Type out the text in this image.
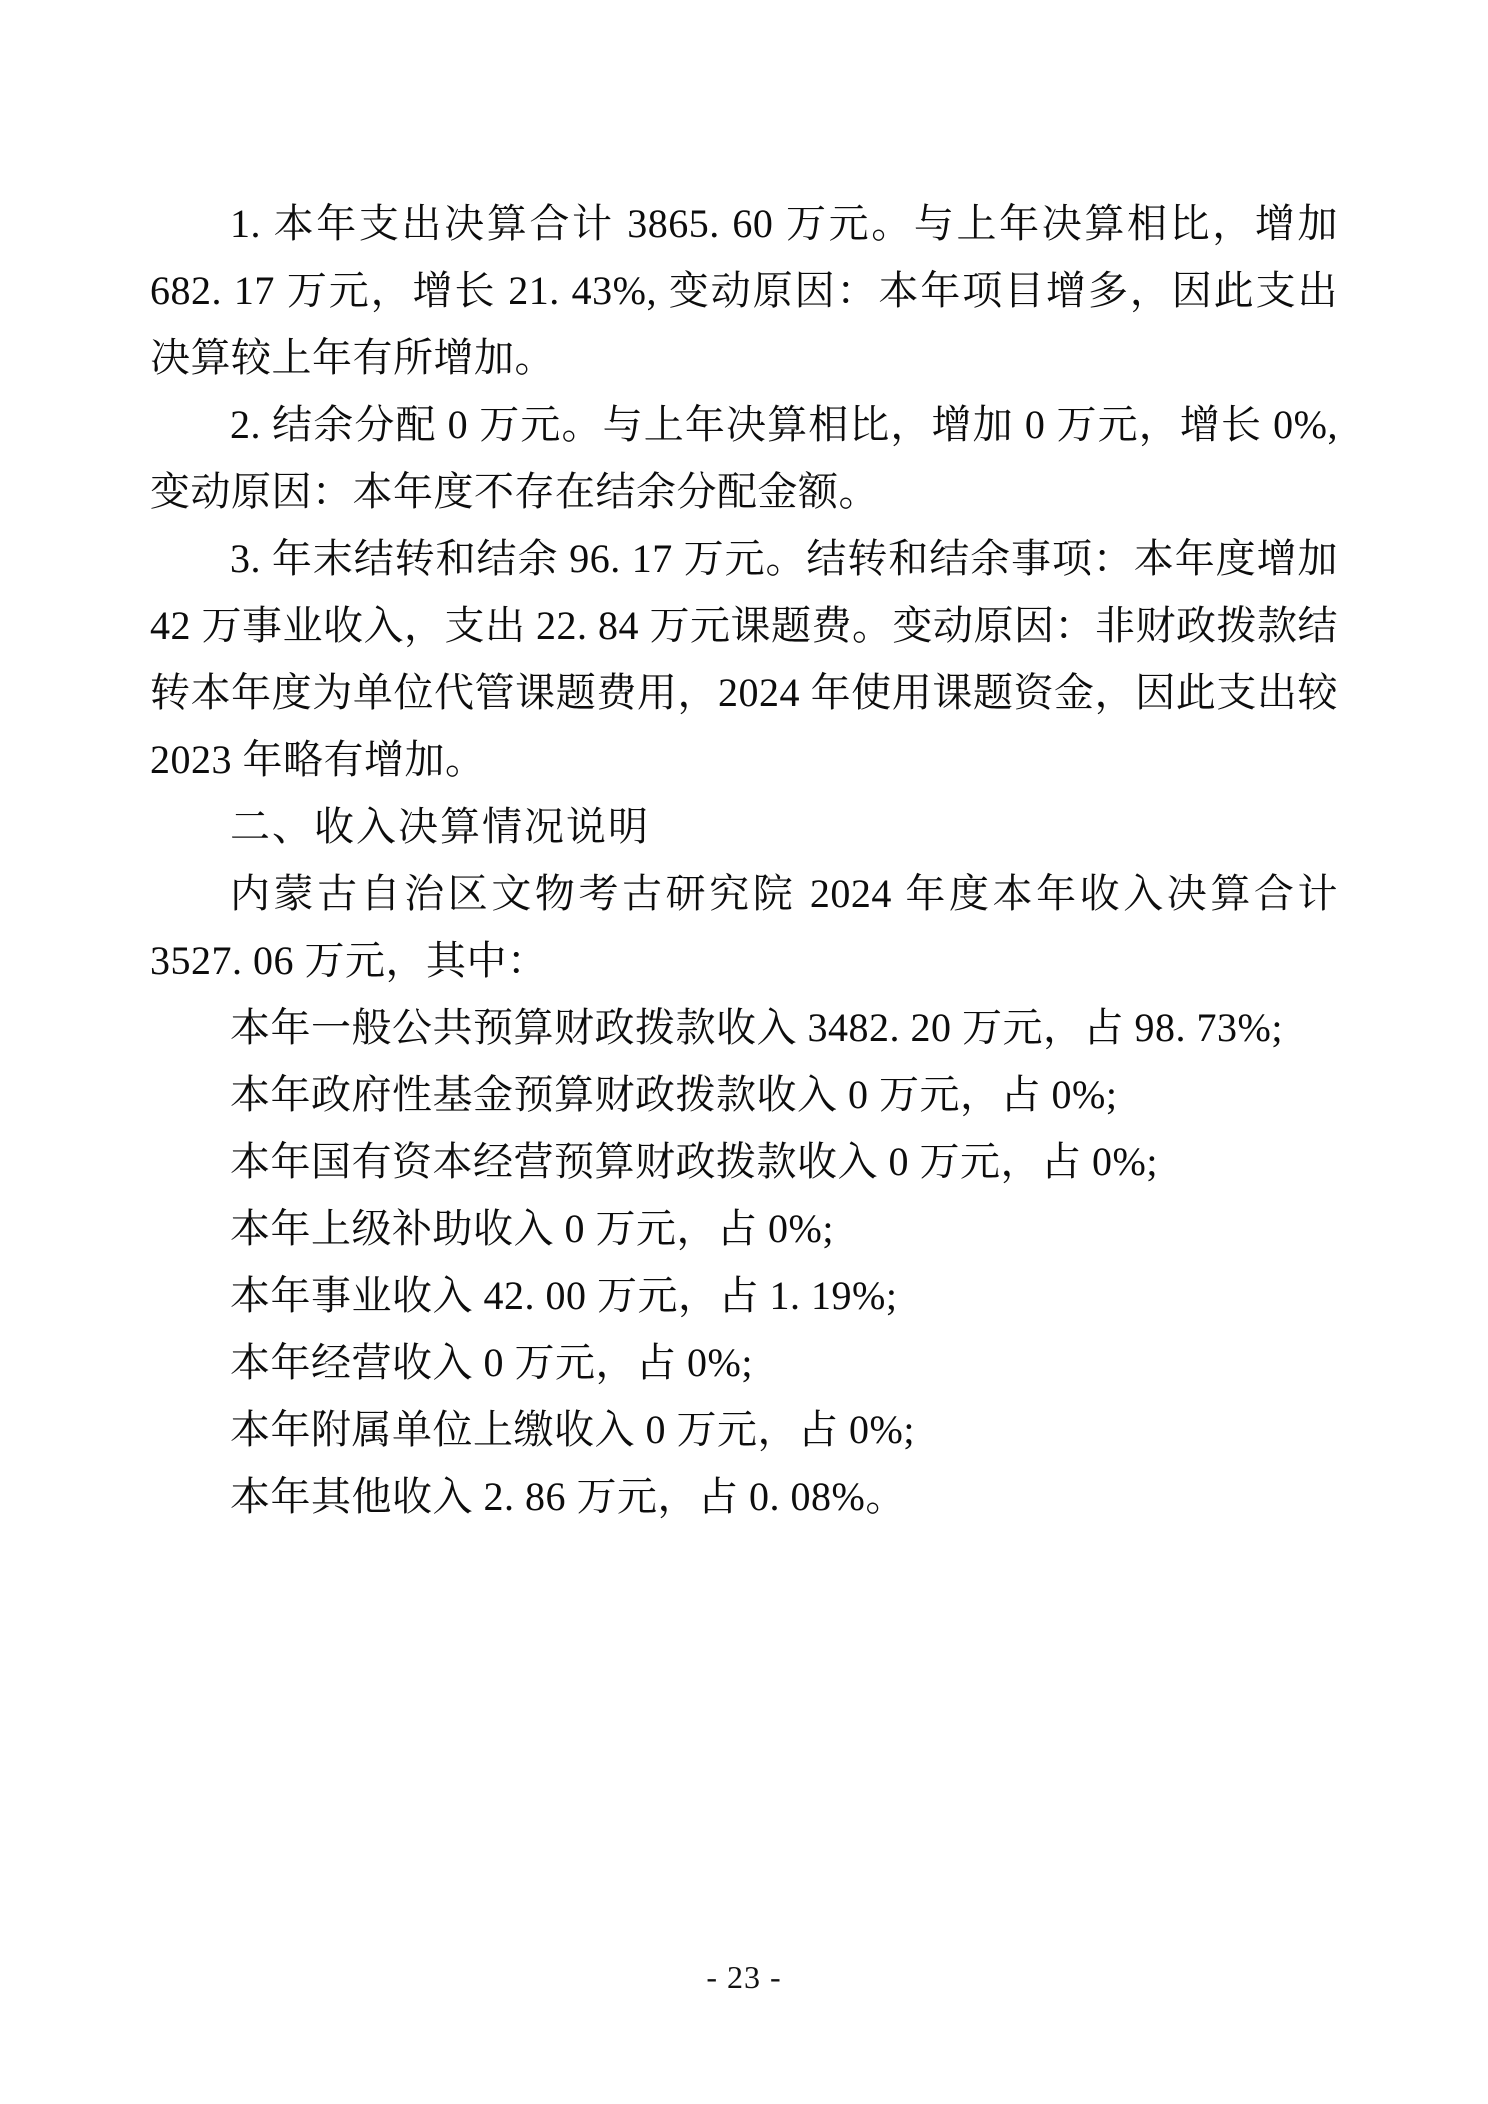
1. 本年支出决算合计 3865. 60 万元。与上年决算相比，增加 682. 17 万元，增长 21. 43%, 变动原因：本年项目增多，因此支出决算较上年有所增加。

2. 结余分配 0 万元。与上年决算相比，增加 0 万元，增长 0%, 变动原因：本年度不存在结余分配金额。

3. 年末结转和结余 96. 17 万元。结转和结余事项：本年度增加 42 万事业收入，支出 22. 84 万元课题费。变动原因：非财政拨款结转本年度为单位代管课题费用，2024 年使用课题资金，因此支出较 2023 年略有增加。

二、收入决算情况说明

内蒙古自治区文物考古研究院 2024 年度本年收入决算合计 3527. 06 万元，其中：

本年一般公共预算财政拨款收入 3482. 20 万元，占 98. 73%;

本年政府性基金预算财政拨款收入 0 万元，占 0%;

本年国有资本经营预算财政拨款收入 0 万元，占 0%;

本年上级补助收入 0 万元，占 0%;

本年事业收入 42. 00 万元，占 1. 19%;

本年经营收入 0 万元，占 0%;

本年附属单位上缴收入 0 万元，占 0%;

本年其他收入 2. 86 万元，占 0. 08%。

- 23 -
